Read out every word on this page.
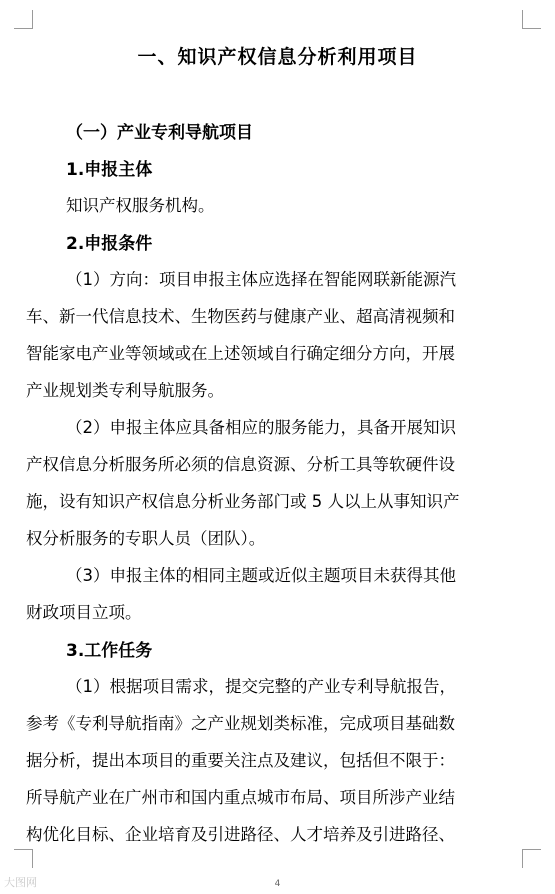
一、知识产权信息分析利用项目
（一）产业专利导航项目
1.申报主体
知识产权服务机构。
2.申报条件
（1）方向：项目申报主体应选择在智能网联新能源汽
车、新一代信息技术、生物医药与健康产业、超高清视频和
智能家电产业等领域或在上述领域自行确定细分方向，开展
产业规划类专利导航服务。
（2）申报主体应具备相应的服务能力，具备开展知识
产权信息分析服务所必须的信息资源、分析工具等软硬件设
施，设有知识产权信息分析业务部门或 5 人以上从事知识产
权分析服务的专职人员（团队）。
（3）申报主体的相同主题或近似主题项目未获得其他
财政项目立项。
3.工作任务
（1）根据项目需求，提交完整的产业专利导航报告，
参考《专利导航指南》之产业规划类标准，完成项目基础数
据分析，提出本项目的重要关注点及建议，包括但不限于：
所导航产业在广州市和国内重点城市布局、项目所涉产业结
构优化目标、企业培育及引进路径、人才培养及引进路径、
大图网	4
